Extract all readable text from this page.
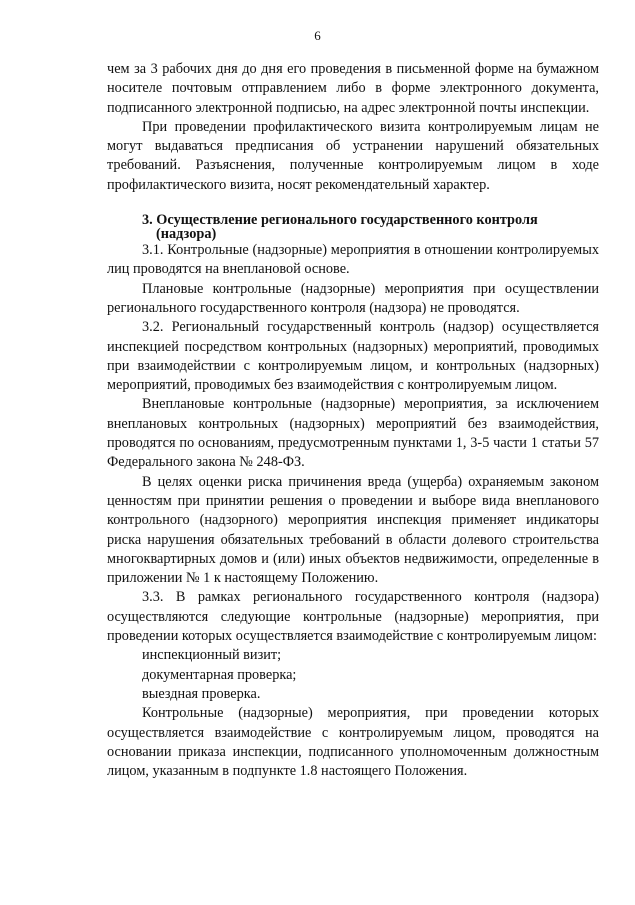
6

чем за 3 рабочих дня до дня его проведения в письменной форме на бумажном носителе почтовым отправлением либо в форме электронного документа, подписанного электронной подписью, на адрес электронной почты инспекции.

При проведении профилактического визита контролируемым лицам не могут выдаваться предписания об устранении нарушений обязательных требований. Разъяснения, полученные контролируемым лицом в ходе профилактического визита, носят рекомендательный характер.

3. Осуществление регионального государственного контроля
(надзора)

3.1. Контрольные (надзорные) мероприятия в отношении контролируемых лиц проводятся на внеплановой основе.

Плановые контрольные (надзорные) мероприятия при осуществлении регионального государственного контроля (надзора) не проводятся.

3.2. Региональный государственный контроль (надзор) осуществляется инспекцией посредством контрольных (надзорных) мероприятий, проводимых при взаимодействии с контролируемым лицом, и контрольных (надзорных) мероприятий, проводимых без взаимодействия с контролируемым лицом.

Внеплановые контрольные (надзорные) мероприятия, за исключением внеплановых контрольных (надзорных) мероприятий без взаимодействия, проводятся по основаниям, предусмотренным пунктами 1, 3-5 части 1 статьи 57 Федерального закона № 248-ФЗ.

В целях оценки риска причинения вреда (ущерба) охраняемым законом ценностям при принятии решения о проведении и выборе вида внепланового контрольного (надзорного) мероприятия инспекция применяет индикаторы риска нарушения обязательных требований в области долевого строительства многоквартирных домов и (или) иных объектов недвижимости, определенные в приложении № 1 к настоящему Положению.

3.3. В рамках регионального государственного контроля (надзора) осуществляются следующие контрольные (надзорные) мероприятия, при проведении которых осуществляется взаимодействие с контролируемым лицом:

инспекционный визит;

документарная проверка;

выездная проверка.

Контрольные (надзорные) мероприятия, при проведении которых осуществляется взаимодействие с контролируемым лицом, проводятся на основании приказа инспекции, подписанного уполномоченным должностным лицом, указанным в подпункте 1.8 настоящего Положения.
